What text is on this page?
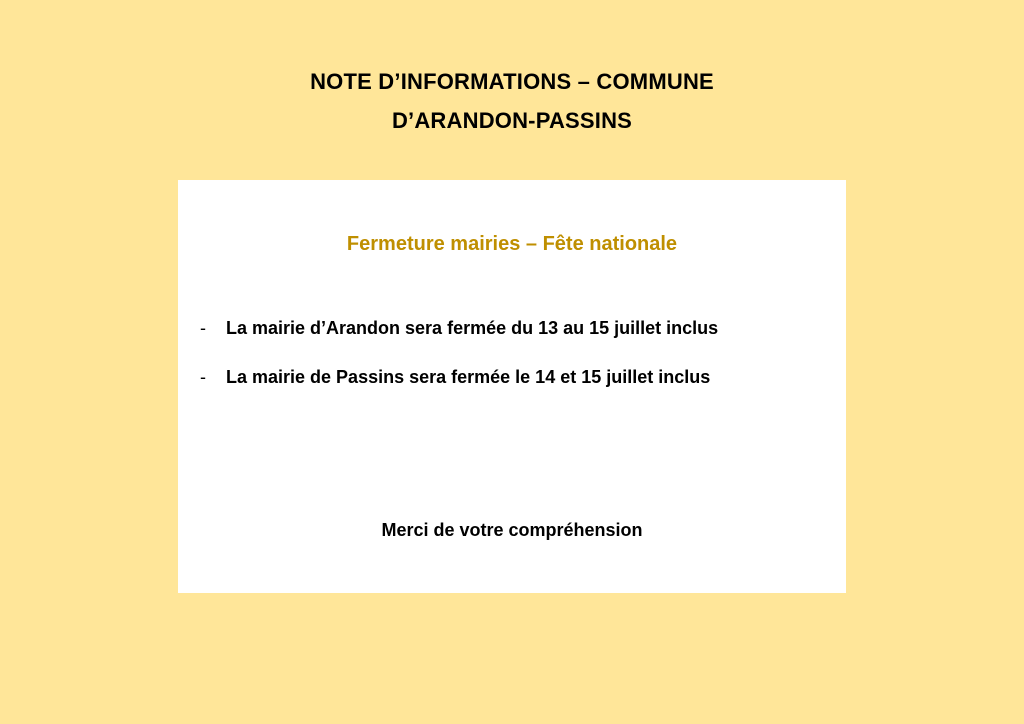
NOTE D’INFORMATIONS – COMMUNE
D’ARANDON-PASSINS
Fermeture mairies – Fête nationale
- La mairie d’Arandon sera fermée du 13 au 15 juillet inclus
- La mairie de Passins sera fermée le 14 et 15 juillet inclus
Merci de votre compréhension
